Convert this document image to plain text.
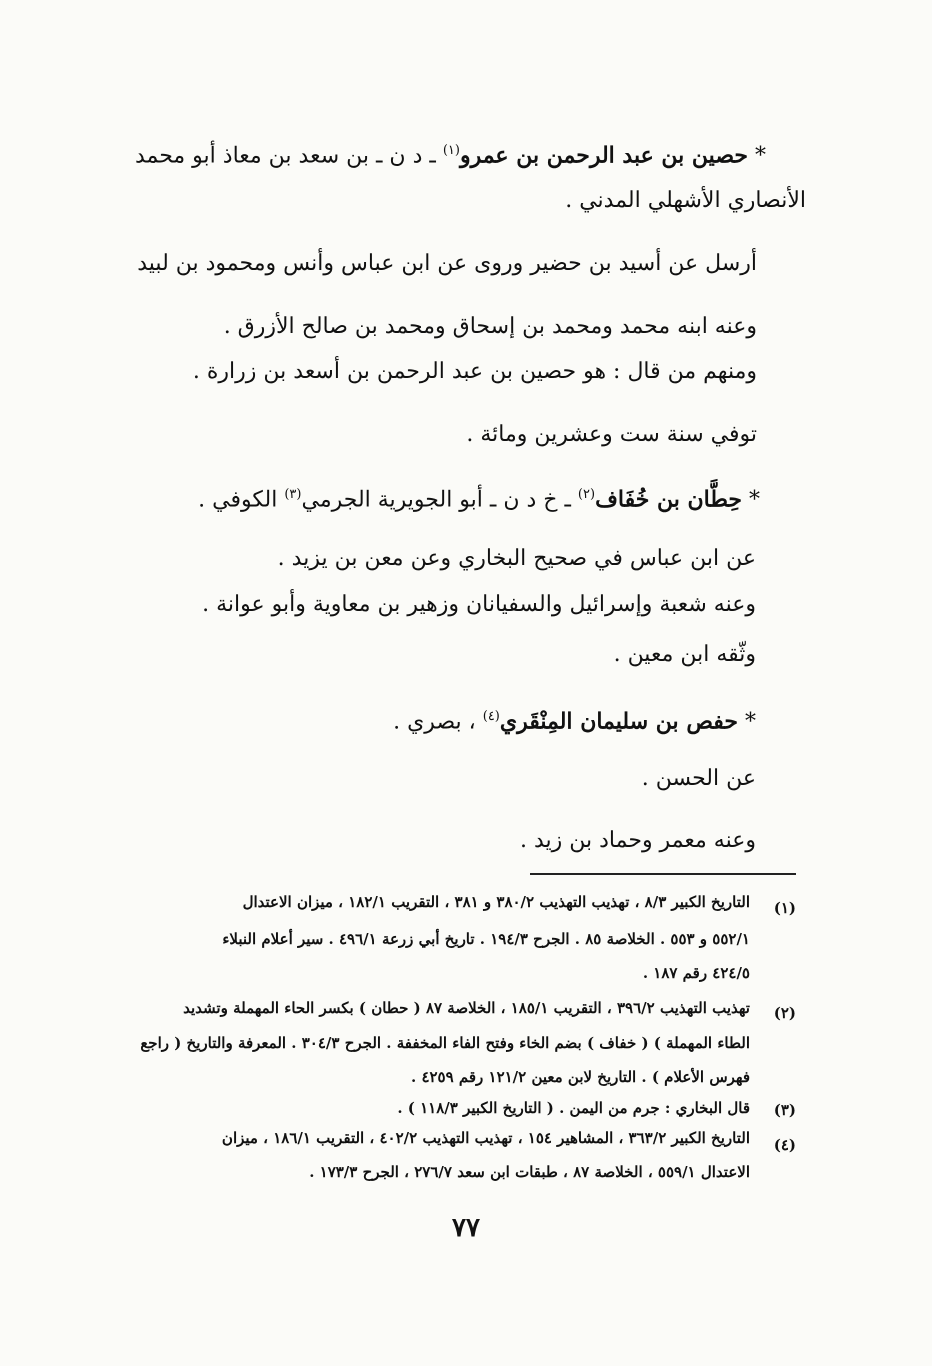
* حصين بن عبد الرحمن بن عمرو$^{(١)}$ ـ د ن ـ بن سعد بن معاذ أبو محمد
الأنصاري الأشهلي المدني .
أرسل عن أسيد بن حضير وروى عن ابن عباس وأنس ومحمود بن لبيد
وعنه ابنه محمد ومحمد بن إسحاق ومحمد بن صالح الأزرق .
ومنهم من قال : هو حصين بن عبد الرحمن بن أسعد بن زرارة .
توفي سنة ست وعشرين ومائة .
* حِطَّان بن خُفَاف$^{(٢)}$ ـ خ د ن ـ أبو الجويرية الجرمي$^{(٣)}$ الكوفي .
عن ابن عباس في صحيح البخاري وعن معن بن يزيد .
وعنه شعبة وإسرائيل والسفيانان وزهير بن معاوية وأبو عوانة .
وثّقه ابن معين .
* حفص بن سليمان المِنْقَري$^{(٤)}$ ، بصري .
عن الحسن .
وعنه معمر وحماد بن زيد .
(١)
التاريخ الكبير ٨/٣ ، تهذيب التهذيب ٣٨٠/٢ و ٣٨١ ، التقريب ١٨٢/١ ، ميزان الاعتدال
٥٥٢/١ و ٥٥٣ . الخلاصة ٨٥ . الجرح ١٩٤/٣ . تاريخ أبي زرعة ٤٩٦/١ . سير أعلام النبلاء
٤٢٤/٥ رقم ١٨٧ .
(٢)
تهذيب التهذيب ٣٩٦/٢ ، التقريب ١٨٥/١ ، الخلاصة ٨٧ ( حطان ) بكسر الحاء المهملة وتشديد
الطاء المهملة ) ( خفاف ) بضم الخاء وفتح الفاء المخففة . الجرح ٣٠٤/٣ . المعرفة والتاريخ ( راجع
فهرس الأعلام ) . التاريخ لابن معين ١٢١/٢ رقم ٤٢٥٩ .
(٣)
قال البخاري : جرم من اليمن . ( التاريخ الكبير ١١٨/٣ ) .
(٤)
التاريخ الكبير ٣٦٣/٢ ، المشاهير ١٥٤ ، تهذيب التهذيب ٤٠٢/٢ ، التقريب ١٨٦/١ ، ميزان
الاعتدال ٥٥٩/١ ، الخلاصة ٨٧ ، طبقات ابن سعد ٢٧٦/٧ ، الجرح ١٧٣/٣ .
٧٧
